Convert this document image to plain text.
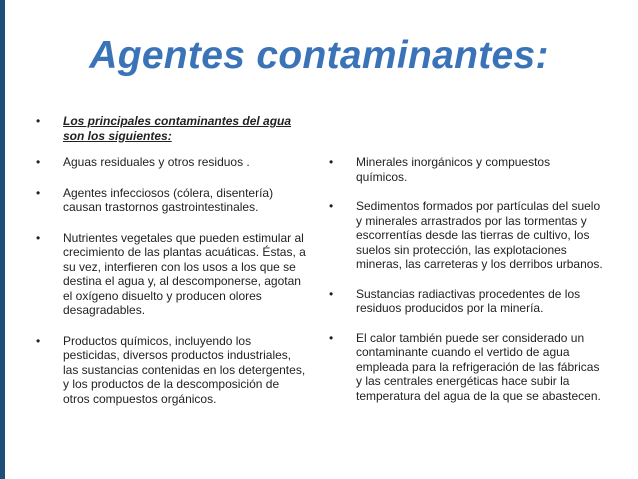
Agentes contaminantes:
• Los principales contaminantes del agua son los siguientes:
• Aguas residuales y otros residuos .
• Agentes infecciosos (cólera, disentería) causan trastornos gastrointestinales.
• Nutrientes vegetales que pueden estimular al crecimiento de las plantas acuáticas. Éstas, a su vez, interfieren con los usos a los que se destina el agua y, al descomponerse, agotan el oxígeno disuelto y producen olores desagradables.
• Productos químicos, incluyendo los pesticidas, diversos productos industriales, las sustancias contenidas en los detergentes, y los productos de la descomposición de otros compuestos orgánicos.
• Minerales inorgánicos y compuestos químicos.
• Sedimentos formados por partículas del suelo y minerales arrastrados por las tormentas y escorrentías desde las tierras de cultivo, los suelos sin protección, las explotaciones mineras, las carreteras y los derribos urbanos.
• Sustancias radiactivas procedentes de los residuos producidos por la minería.
• El calor también puede ser considerado un contaminante cuando el vertido de agua empleada para la refrigeración de las fábricas y las centrales energéticas hace subir la temperatura del agua de la que se abastecen.
